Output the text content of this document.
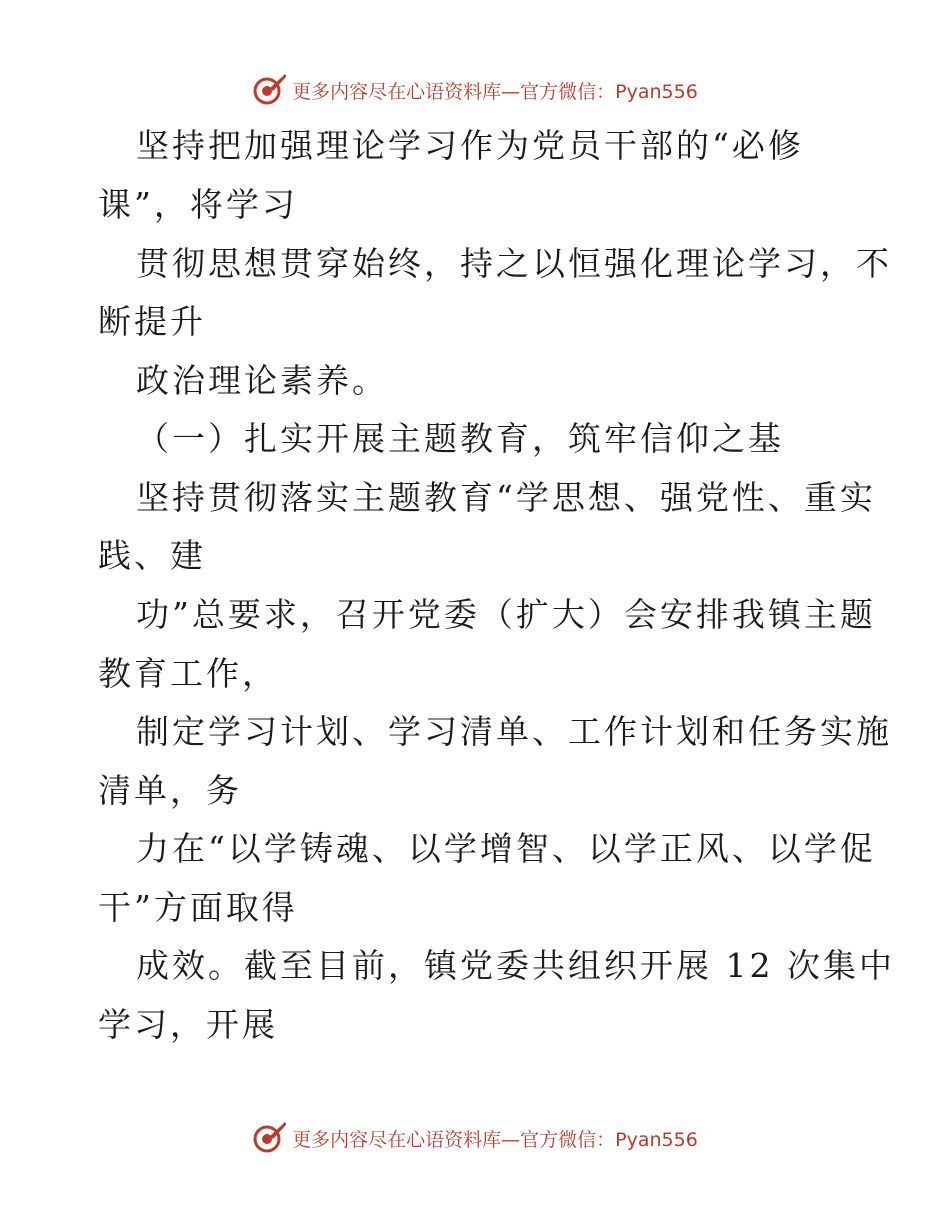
更多内容尽在心语资料库—官方微信：Pyan556
坚持把加强理论学习作为党员干部的“必修
课”，将学习
贯彻思想贯穿始终，持之以恒强化理论学习，不
断提升
政治理论素养。
（一）扎实开展主题教育，筑牢信仰之基
坚持贯彻落实主题教育“学思想、强党性、重实
践、建
功”总要求，召开党委（扩大）会安排我镇主题
教育工作，
制定学习计划、学习清单、工作计划和任务实施
清单，务
力在“以学铸魂、以学增智、以学正风、以学促
干”方面取得
成效。截至目前，镇党委共组织开展 12 次集中
学习，开展
更多内容尽在心语资料库—官方微信：Pyan556
